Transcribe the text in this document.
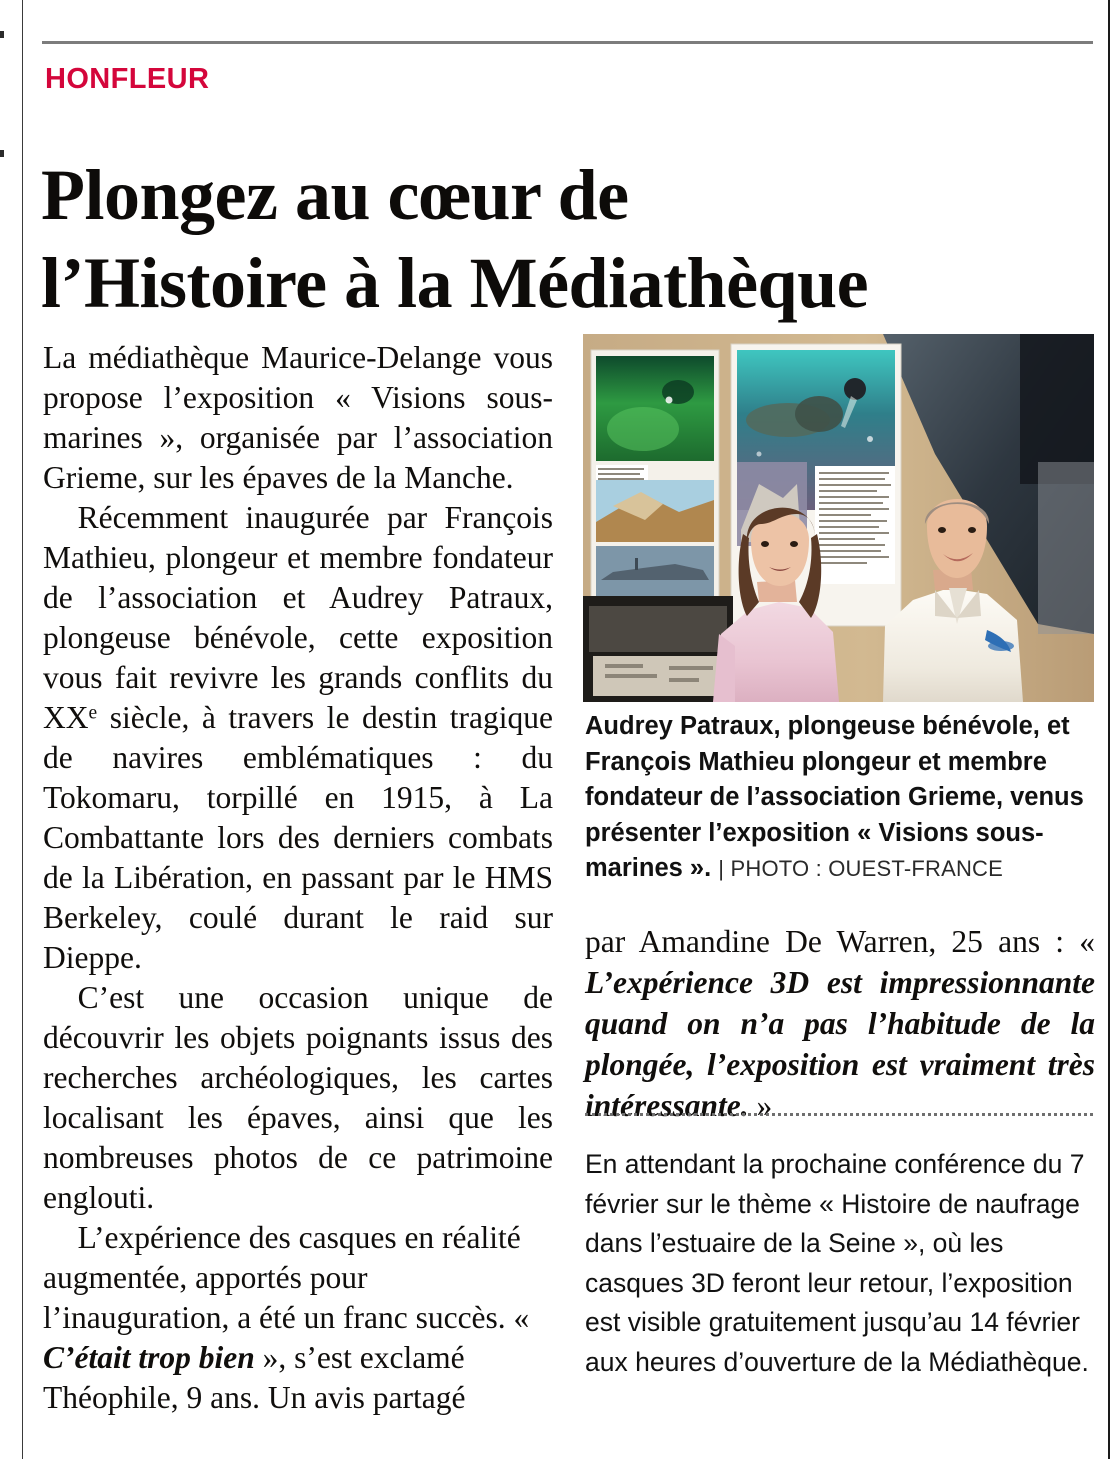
HONFLEUR
Plongez au cœur de
l’Histoire à la Médiathèque

La médiathèque Maurice-Delange vous propose l’exposition « Visions sous-marines », organisée par l’association Grieme, sur les épaves de la Manche.

Récemment inaugurée par François Mathieu, plongeur et membre fondateur de l’association et Audrey Patraux, plongeuse bénévole, cette exposition vous fait revivre les grands conflits du XXe siècle, à travers le destin tragique de navires emblématiques : du Tokomaru, torpillé en 1915, à La Combattante lors des derniers combats de la Libération, en passant par le HMS Berkeley, coulé durant le raid sur Dieppe.

C’est une occasion unique de découvrir les objets poignants issus des recherches archéologiques, les cartes localisant les épaves, ainsi que les nombreuses photos de ce patrimoine englouti.

L’expérience des casques en réalité augmentée, apportés pour l’inauguration, a été un franc succès. « C’était trop bien », s’est exclamé Théophile, 9 ans. Un avis partagé

Audrey Patraux, plongeuse bénévole, et François Mathieu plongeur et membre fondateur de l’association Grieme, venus présenter l’exposition « Visions sous-marines ». | PHOTO : OUEST-FRANCE

par Amandine De Warren, 25 ans : « L’expérience 3D est impressionnante quand on n’a pas l’habitude de la plongée, l’exposition est vraiment très intéressante. »

En attendant la prochaine conférence du 7 février sur le thème « Histoire de naufrage dans l’estuaire de la Seine », où les casques 3D feront leur retour, l’exposition est visible gratuitement jusqu’au 14 février aux heures d’ouverture de la Médiathèque.
